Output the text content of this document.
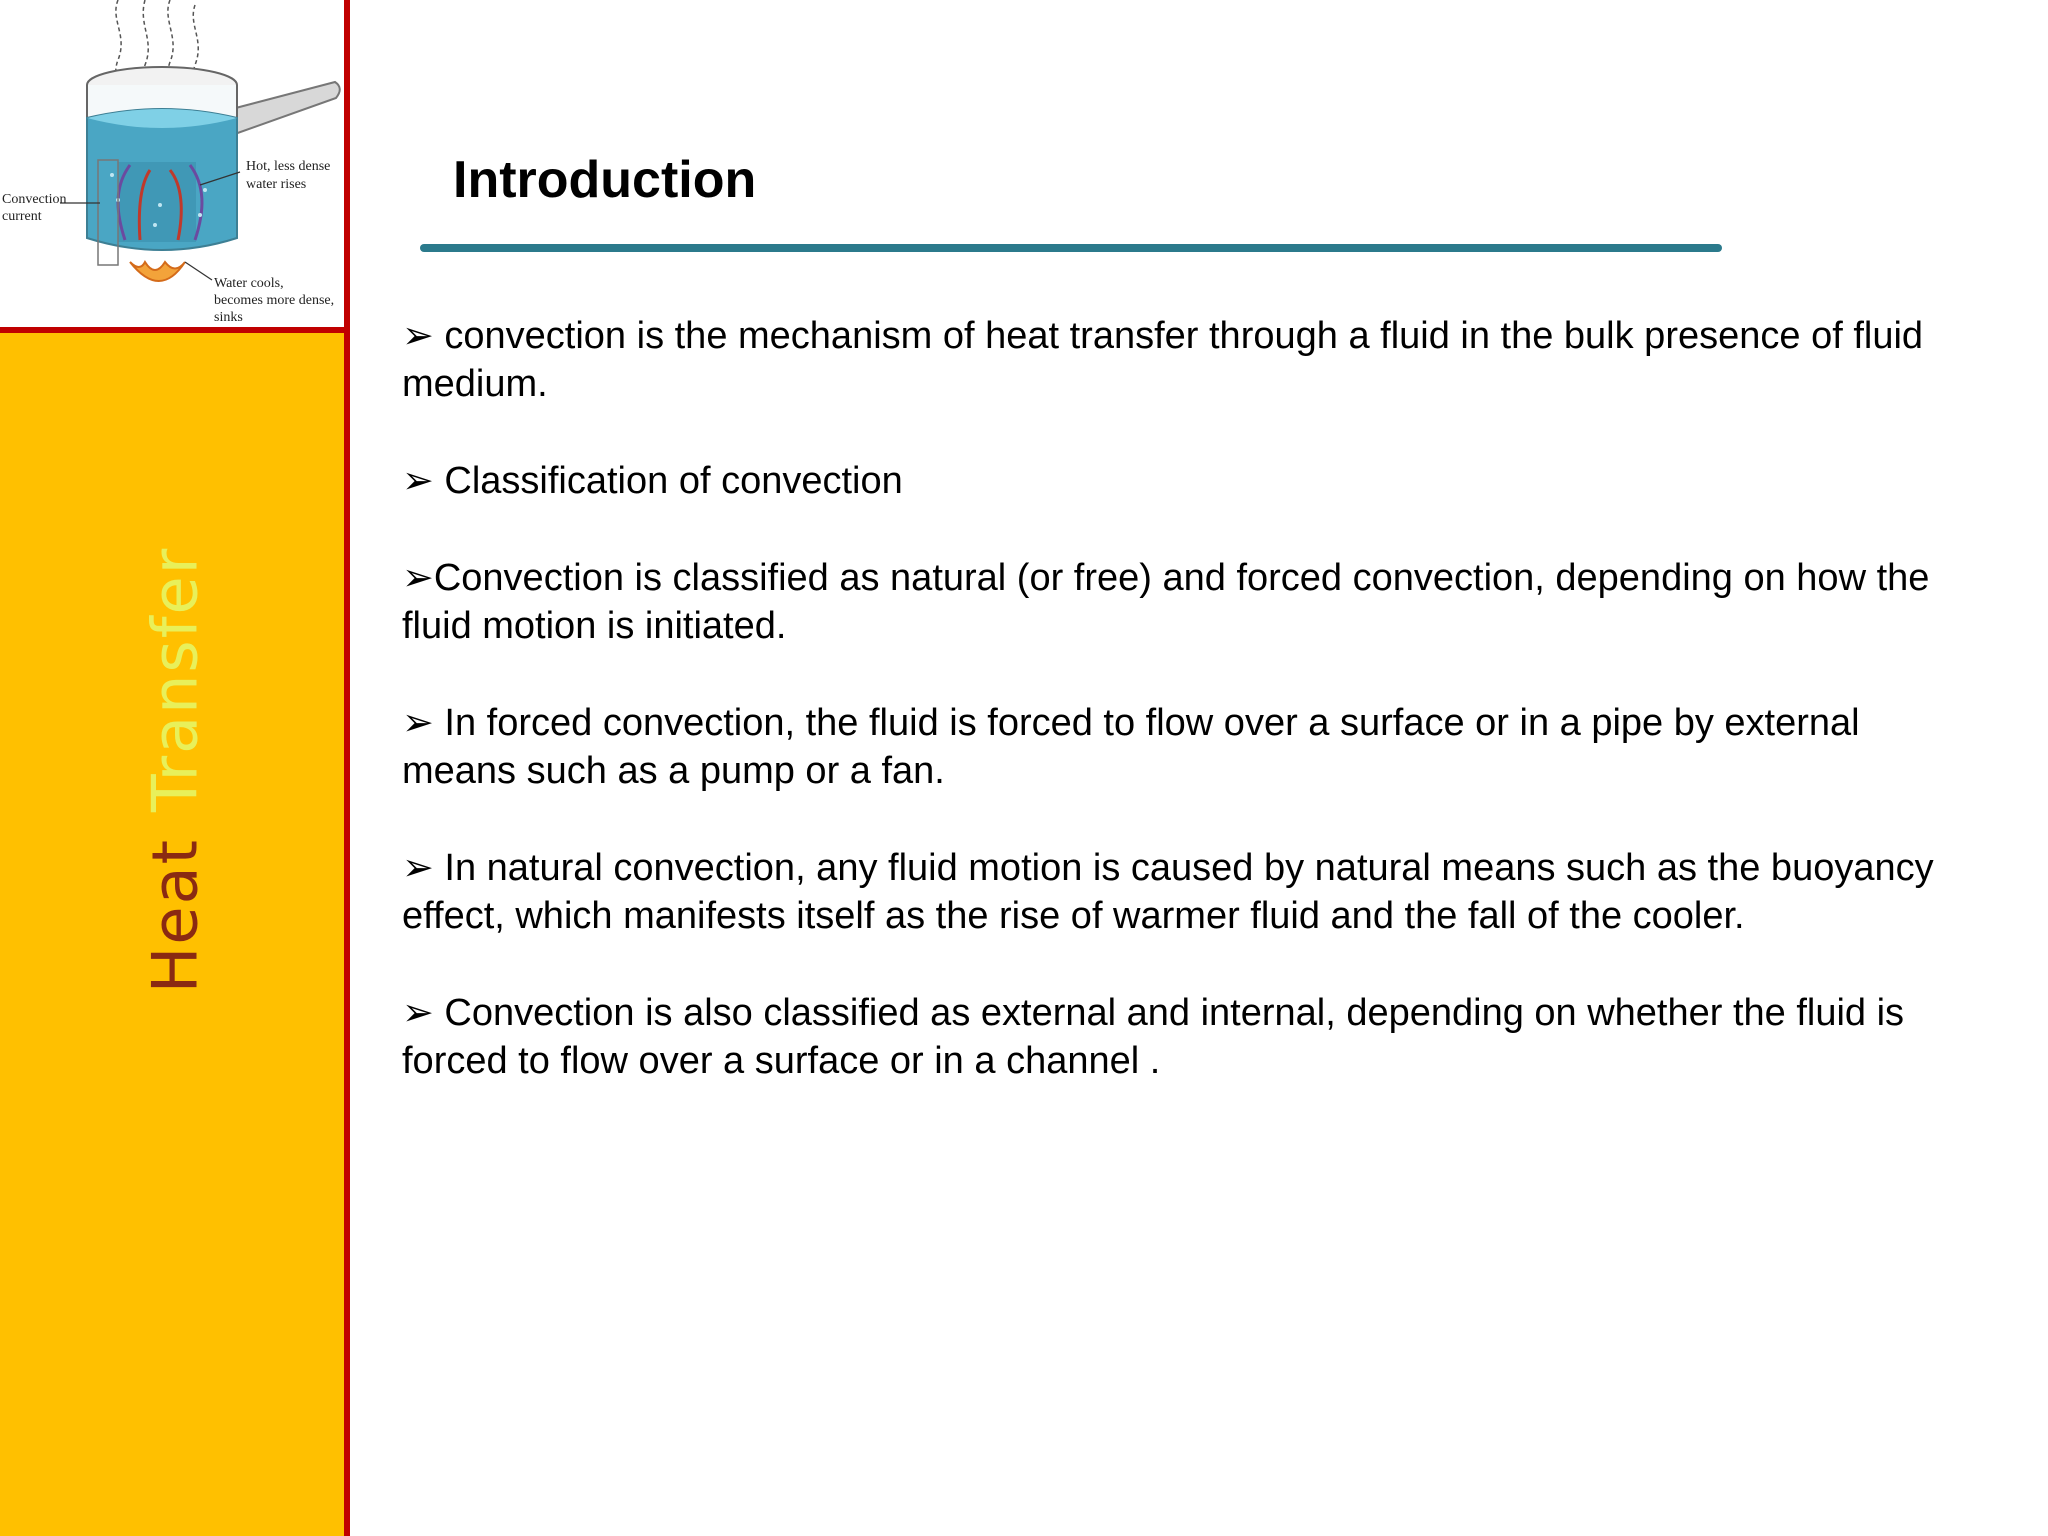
HeatTransfer
Convection
current
Hot, less dense
water rises
Water cools,
becomes more dense,
sinks
Introduction

➢ convection is the mechanism of heat transfer through a fluid in the bulk presence of fluid medium.

➢ Classification of convection

➢Convection is classified as natural (or free) and forced convection, depending on how the fluid motion is initiated.

➢ In forced convection, the fluid is forced to flow over a surface or in a pipe by external means such as a pump or a fan.

➢ In natural convection, any fluid motion is caused by natural means such as the buoyancy effect, which manifests itself as the rise of warmer fluid and the fall of the cooler.

➢ Convection is also classified as external and internal, depending on whether the fluid is forced to flow over a surface or in a channel .
